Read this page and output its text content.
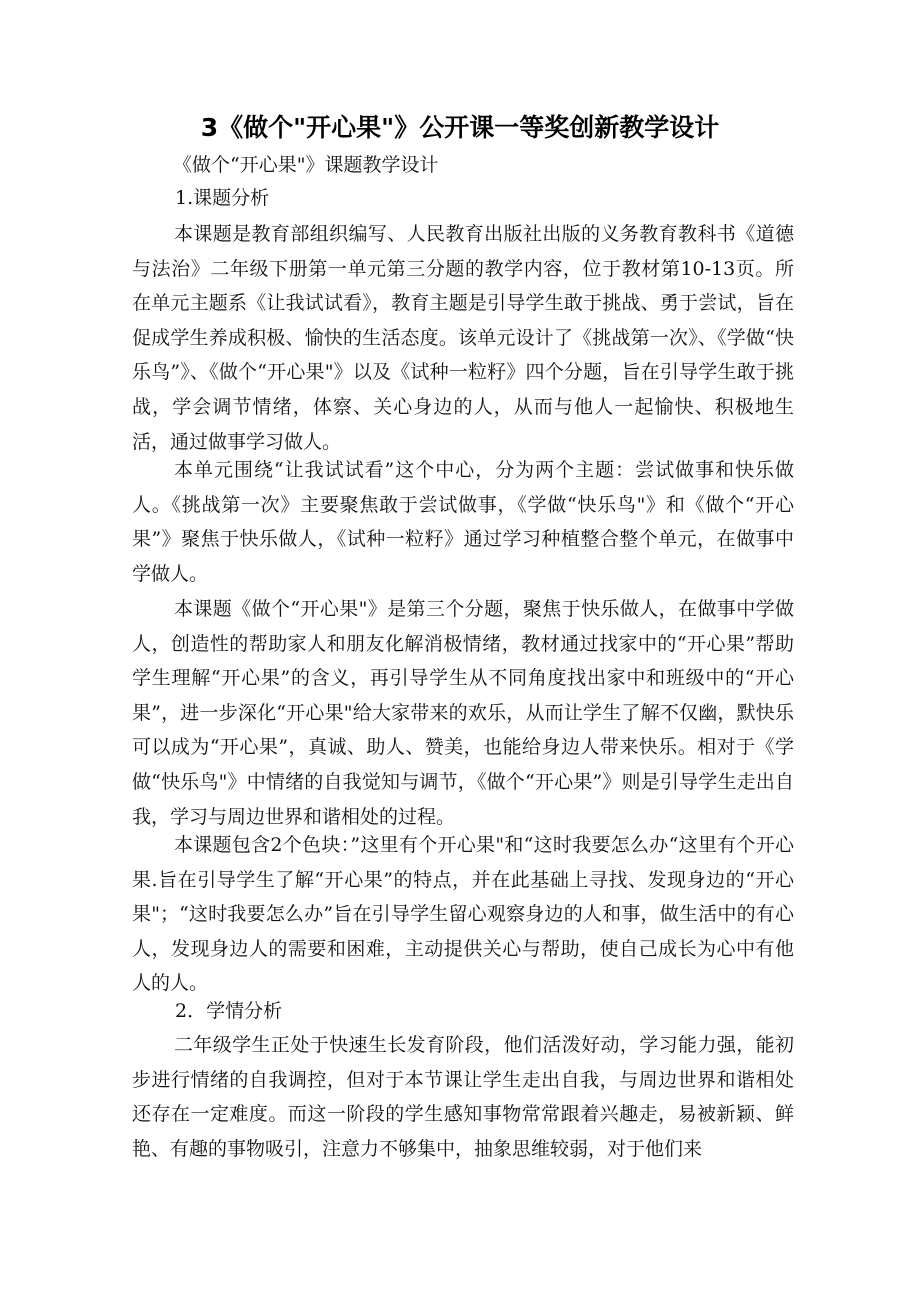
3《做个"开心果"》公开课一等奖创新教学设计
《做个“开心果"》课题教学设计
1.课题分析
本课题是教育部组织编写、人民教育出版社出版的义务教育教科书《道德与法治》二年级下册第一单元第三分题的教学内容，位于教材第10-13页。所在单元主题系《让我试试看》，教育主题是引导学生敢于挑战、勇于尝试，旨在促成学生养成积极、愉快的生活态度。该单元设计了《挑战第一次》、《学做“快乐鸟”》、《做个“开心果"》以及《试种一粒籽》四个分题，旨在引导学生敢于挑战，学会调节情绪，体察、关心身边的人，从而与他人一起愉快、积极地生活，通过做事学习做人。
本单元围绕“让我试试看”这个中心，分为两个主题：尝试做事和快乐做人。《挑战第一次》主要聚焦敢于尝试做事，《学做“快乐鸟"》和《做个“开心果”》聚焦于快乐做人，《试种一粒籽》通过学习种植整合整个单元，在做事中学做人。
本课题《做个“开心果"》是第三个分题，聚焦于快乐做人，在做事中学做人，创造性的帮助家人和朋友化解消极情绪，教材通过找家中的“开心果”帮助学生理解“开心果”的含义，再引导学生从不同角度找出家中和班级中的“开心果”，进一步深化“开心果"给大家带来的欢乐，从而让学生了解不仅幽，默快乐可以成为“开心果”，真诚、助人、赞美，也能给身边人带来快乐。相对于《学做“快乐鸟"》中情绪的自我觉知与调节，《做个“开心果”》则是引导学生走出自我，学习与周边世界和谐相处的过程。
本课题包含2个色块：”这里有个开心果"和“这时我要怎么办“这里有个开心果.旨在引导学生了解“开心果”的特点，并在此基础上寻找、发现身边的“开心果"；“这时我要怎么办”旨在引导学生留心观察身边的人和事，做生活中的有心人，发现身边人的需要和困难，主动提供关心与帮助，使自己成长为心中有他人的人。
2．学情分析
二年级学生正处于快速生长发育阶段，他们活泼好动，学习能力强，能初步进行情绪的自我调控，但对于本节课让学生走出自我，与周边世界和谐相处还存在一定难度。而这一阶段的学生感知事物常常跟着兴趣走，易被新颖、鲜艳、有趣的事物吸引，注意力不够集中，抽象思维较弱，对于他们来
